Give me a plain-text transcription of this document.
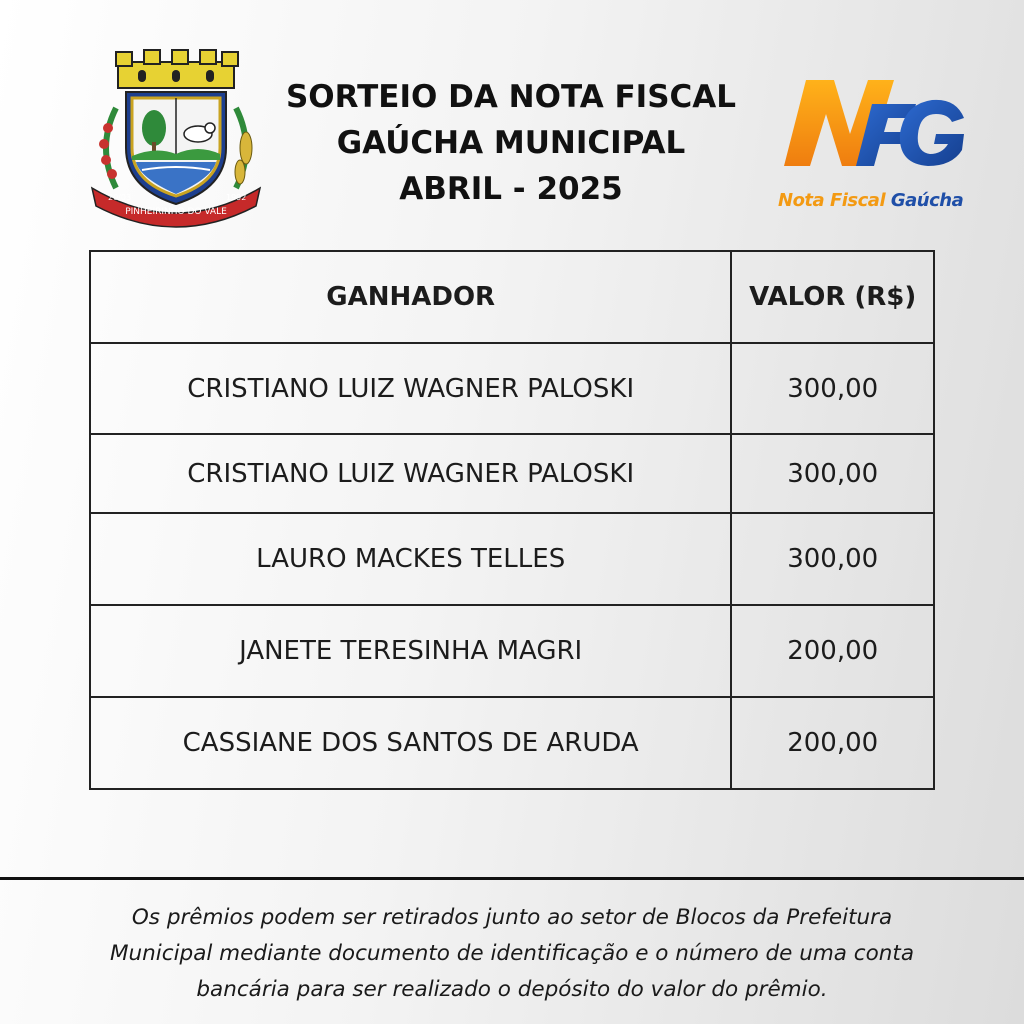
PINHEIRINHO DO VALE
20/03	1992
SORTEIO DA NOTA FISCAL
GAÚCHA MUNICIPAL
ABRIL - 2025	Nota Fiscal Gaúcha
GANHADOR	VALOR (R$)
CRISTIANO LUIZ WAGNER PALOSKI	300,00
CRISTIANO LUIZ WAGNER PALOSKI	300,00
LAURO MACKES TELLES	300,00
JANETE TERESINHA MAGRI	200,00
CASSIANE DOS SANTOS DE ARUDA	200,00
Os prêmios podem ser retirados junto ao setor de Blocos da Prefeitura
Municipal mediante documento de identificação e o número de uma conta
bancária para ser realizado o depósito do valor do prêmio.
